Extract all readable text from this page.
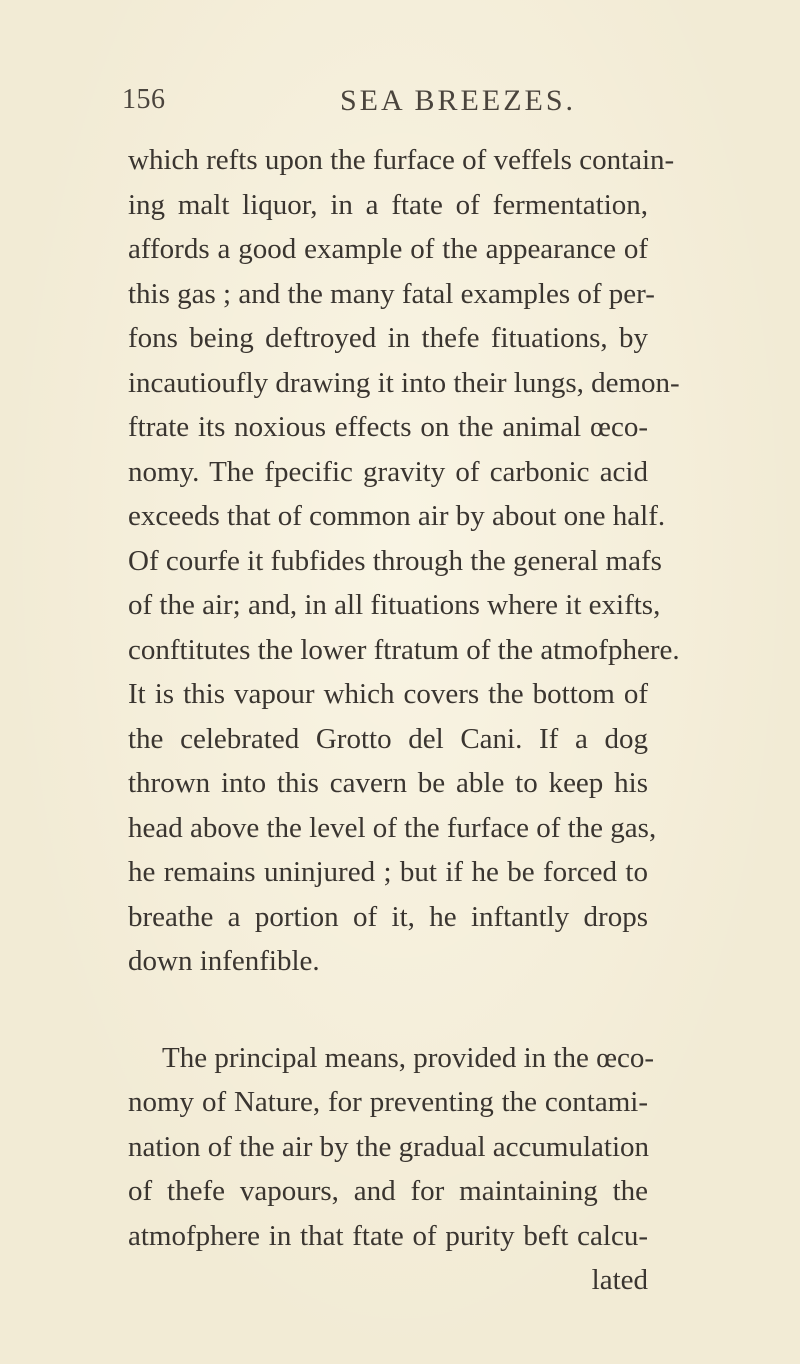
156	SEA BREEZES.
which refts upon the furface of veffels contain-
ing malt liquor, in a ftate of fermentation,
affords a good example of the appearance of
this gas ; and the many fatal examples of per-
fons being deftroyed in thefe fituations, by
incautioufly drawing it into their lungs, demon-
ftrate its noxious effects on the animal œco-
nomy. The fpecific gravity of carbonic acid
exceeds that of common air by about one half.
Of courfe it fubfides through the general mafs
of the air; and, in all fituations where it exifts,
conftitutes the lower ftratum of the atmofphere.
It is this vapour which covers the bottom of
the celebrated Grotto del Cani. If a dog
thrown into this cavern be able to keep his
head above the level of the furface of the gas,
he remains uninjured ; but if he be forced to
breathe a portion of it, he inftantly drops
down infenfible.
The principal means, provided in the œco-
nomy of Nature, for preventing the contami-
nation of the air by the gradual accumulation
of thefe vapours, and for maintaining the
atmofphere in that ftate of purity beft calcu-
lated
